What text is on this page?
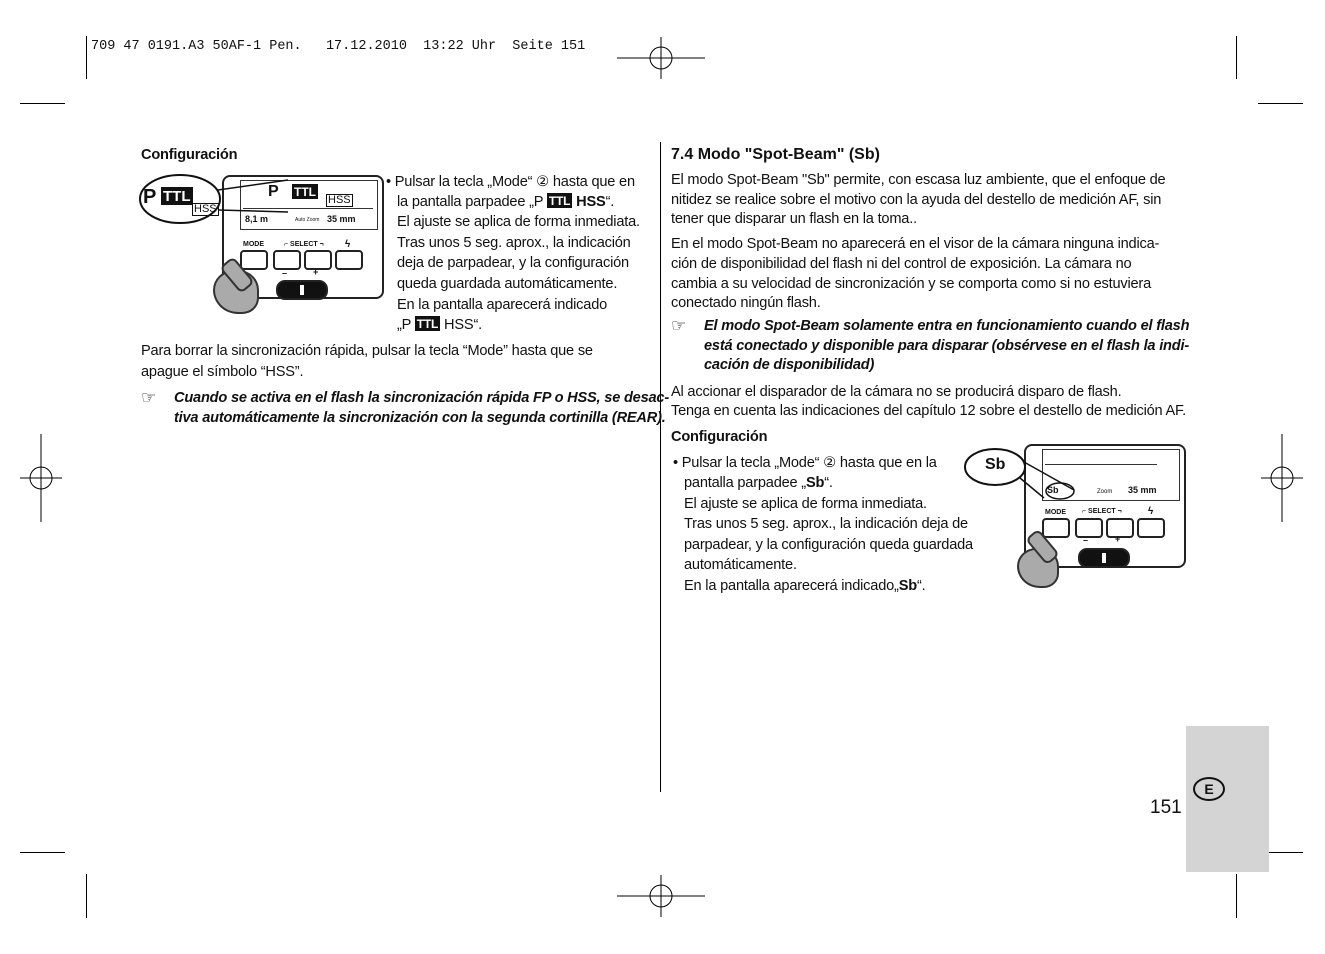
709 47 0191.A3 50AF-1 Pen. 17.12.2010 13:22 Uhr Seite 151
Configuración
P TTL
HSS
8,1 m	Auto Zoom 35 mm
MODE	⌐ SELECT ¬ ϟ
–	+
P TTL
HSS
• Pulsar la tecla „Mode“ ② hasta que en
la pantalla parpadee „P TTL HSS“.
El ajuste se aplica de forma inmediata.
Tras unos 5 seg. aprox., la indicación
deja de parpadear, y la configuración
queda guardada automáticamente.
En la pantalla aparecerá indicado
„P TTL HSS“.
Para borrar la sincronización rápida, pulsar la tecla “Mode” hasta que se
apague el símbolo “HSS”.
☞ Cuando se activa en el flash la sincronización rápida FP o HSS, se desac-
tiva automáticamente la sincronización con la segunda cortinilla (REAR).
7.4 Modo "Spot-Beam" (Sb)
El modo Spot-Beam "Sb" permite, con escasa luz ambiente, que el enfoque de
nitidez se realice sobre el motivo con la ayuda del destello de medición AF, sin
tener que disparar un flash en la toma..
En el modo Spot-Beam no aparecerá en el visor de la cámara ninguna indica-
ción de disponibilidad del flash ni del control de exposición. La cámara no
cambia a su velocidad de sincronización y se comporta como si no estuviera
conectado ningún flash.
☞ El modo Spot-Beam solamente entra en funcionamiento cuando el flash
está conectado y disponible para disparar (obsérvese en el flash la indi-
cación de disponibilidad)
Al accionar el disparador de la cámara no se producirá disparo de flash.
Tenga en cuenta las indicaciones del capítulo 12 sobre el destello de medición AF.
Configuración
• Pulsar la tecla „Mode“ ② hasta que en la
pantalla parpadee „Sb“.
El ajuste se aplica de forma inmediata.
Tras unos 5 seg. aprox., la indicación deja de
parpadear, y la configuración queda guardada
automáticamente.
En la pantalla aparecerá indicado„Sb“.
Sb	Zoom 35 mm
MODE ⌐ SELECT ¬	ϟ
–	+
Sb
151
E
